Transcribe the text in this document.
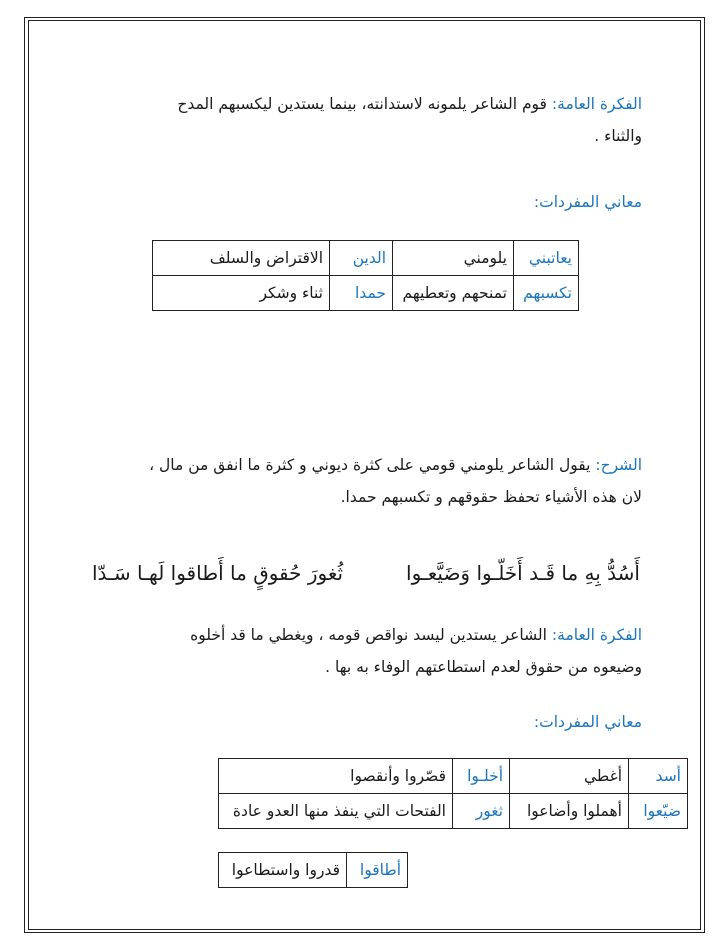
الفكرة العامة: قوم الشاعر يلمونه لاستدانته، بينما يستدين ليكسبهم المدح
والثناء .
معاني المفردات:
يعاتبني	يلومني	الدين	الاقتراض والسلف
تكسبهم	تمنحهم وتعطيهم	حمدا	ثناء وشكر
الشرح: يقول الشاعر يلومني قومي على كثرة ديوني و كثرة ما انفق من مال ،
لان هذه الأشياء تحفظ حقوقهم و تكسبهم حمدا.
أَسُدُّ بِهِ ما قَـد أَخَلّـوا وَضَيَّعـوا
ثُغورَ حُقوقٍ ما أَطاقوا لَهـا سَـدّا
الفكرة العامة: الشاعر يستدين ليسد نواقص قومه ، ويغطي ما قد أخلوه
وضيعوه من حقوق لعدم استطاعتهم الوفاء به بها .
معاني المفردات:
أسد	أغطي	أخلـوا	قصّروا وأنقصوا
ضيّعوا	أهملوا وأضاعوا	ثغور	الفتحات التي ينفذ منها العدو عادة
أطاقوا	قدروا واستطاعوا
